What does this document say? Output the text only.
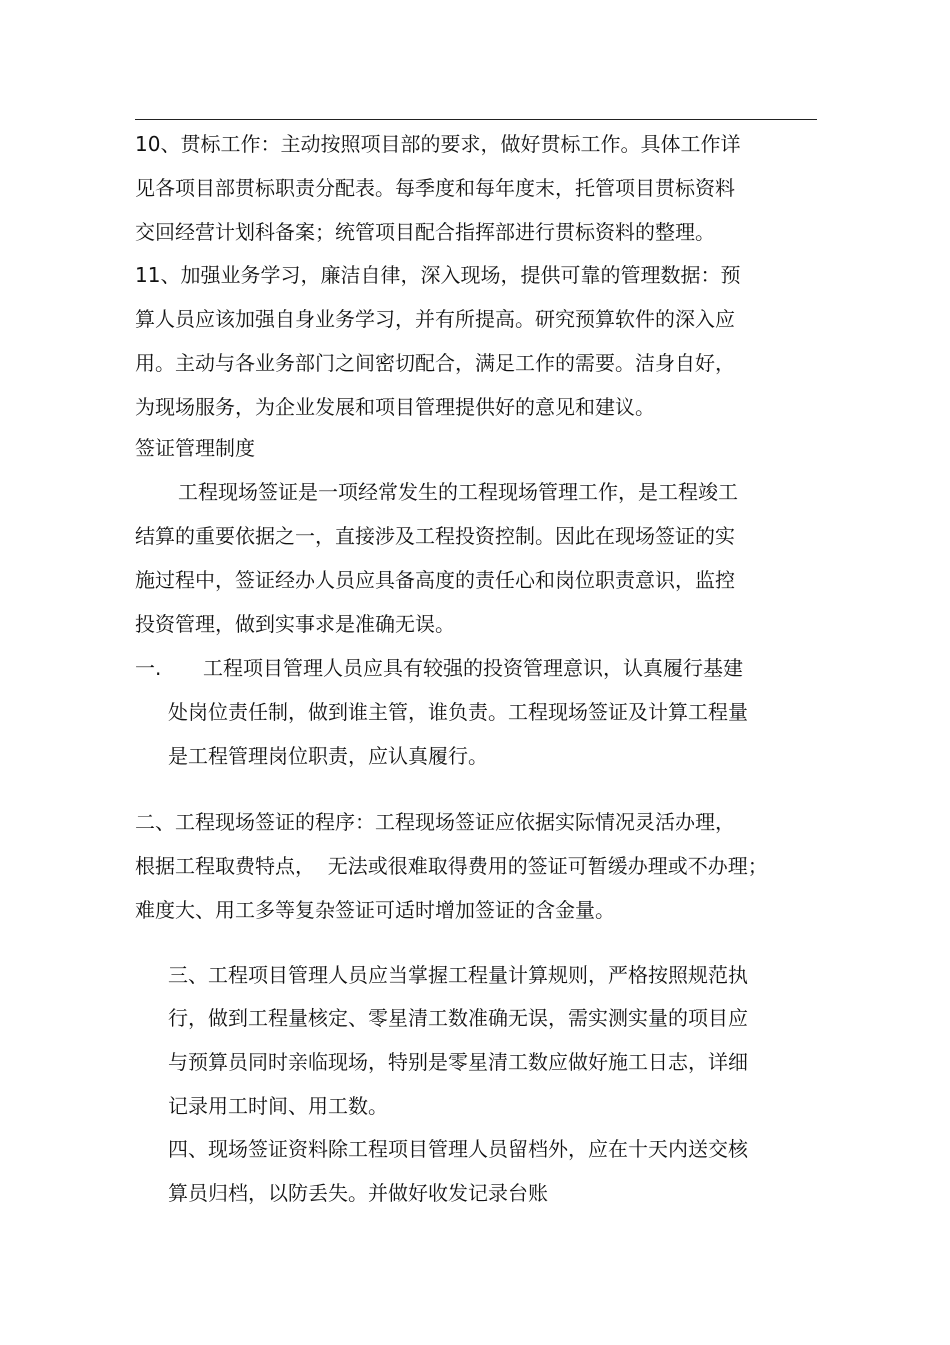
10、贯标工作：主动按照项目部的要求，做好贯标工作。具体工作详
见各项目部贯标职责分配表。每季度和每年度末，托管项目贯标资料
交回经营计划科备案；统管项目配合指挥部进行贯标资料的整理。
11、加强业务学习，廉洁自律，深入现场，提供可靠的管理数据：预
算人员应该加强自身业务学习，并有所提高。研究预算软件的深入应
用。主动与各业务部门之间密切配合，满足工作的需要。洁身自好，
为现场服务，为企业发展和项目管理提供好的意见和建议。
签证管理制度
工程现场签证是一项经常发生的工程现场管理工作，是工程竣工
结算的重要依据之一，直接涉及工程投资控制。因此在现场签证的实
施过程中，签证经办人员应具备高度的责任心和岗位职责意识，监控
投资管理，做到实事求是准确无误。
一. 工程项目管理人员应具有较强的投资管理意识，认真履行基建
处岗位责任制，做到谁主管，谁负责。工程现场签证及计算工程量
是工程管理岗位职责，应认真履行。
二、工程现场签证的程序：工程现场签证应依据实际情况灵活办理，
根据工程取费特点，  无法或很难取得费用的签证可暂缓办理或不办理；
难度大、用工多等复杂签证可适时增加签证的含金量。
三、工程项目管理人员应当掌握工程量计算规则，严格按照规范执
行，做到工程量核定、零星清工数准确无误，需实测实量的项目应
与预算员同时亲临现场，特别是零星清工数应做好施工日志，详细
记录用工时间、用工数。
四、现场签证资料除工程项目管理人员留档外，应在十天内送交核
算员归档，以防丢失。并做好收发记录台账
